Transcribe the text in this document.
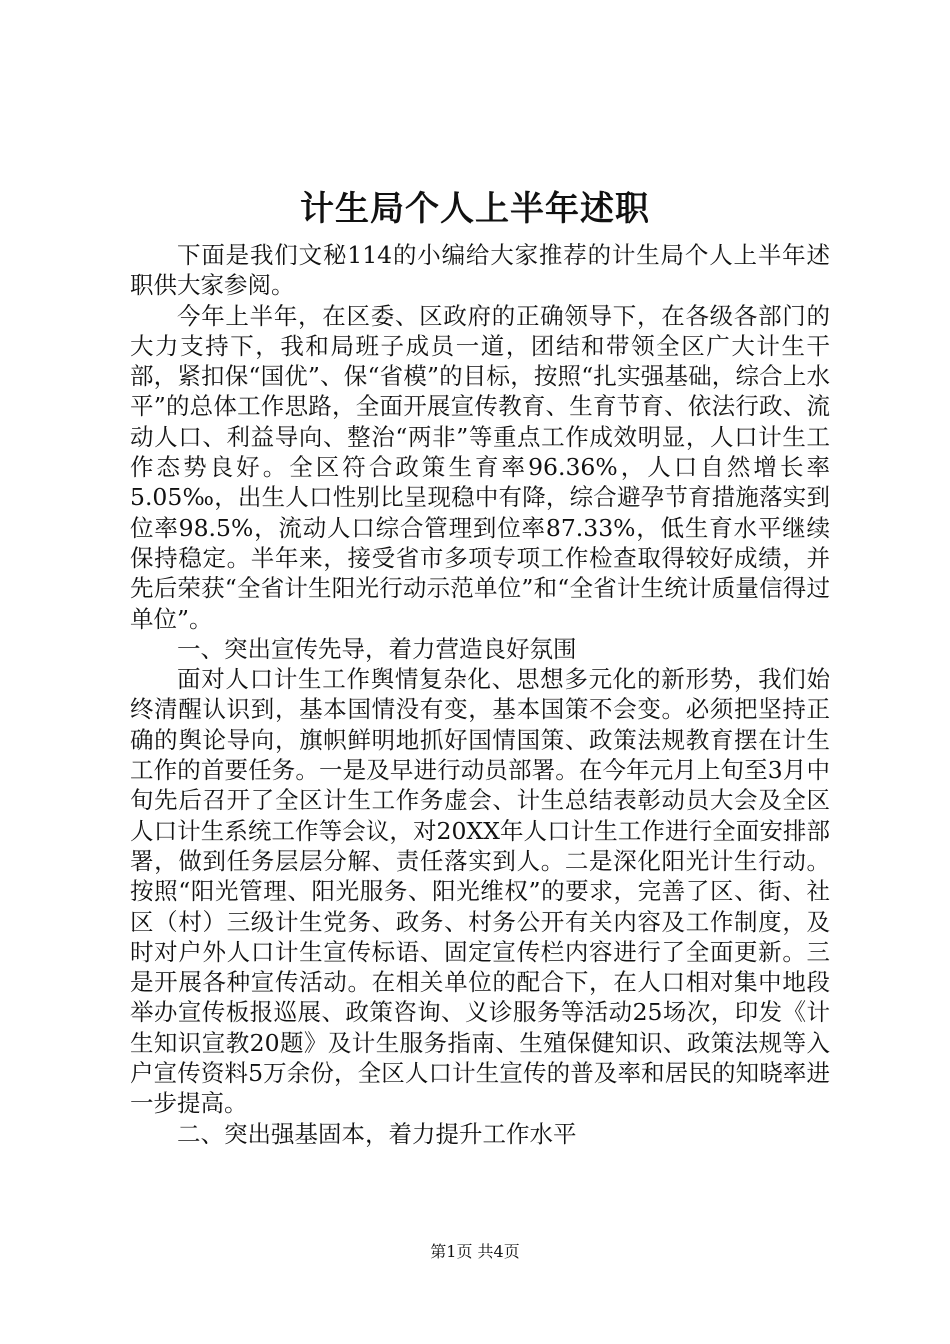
计生局个人上半年述职

下面是我们文秘114的小编给大家推荐的计生局个人上半年述职供大家参阅。

今年上半年，在区委、区政府的正确领导下，在各级各部门的大力支持下，我和局班子成员一道，团结和带领全区广大计生干部，紧扣保“国优”、保“省模”的目标，按照“扎实强基础，综合上水平”的总体工作思路，全面开展宣传教育、生育节育、依法行政、流动人口、利益导向、整治“两非”等重点工作成效明显，人口计生工作态势良好。全区符合政策生育率96.36%，人口自然增长率5.05‰，出生人口性别比呈现稳中有降，综合避孕节育措施落实到位率98.5%，流动人口综合管理到位率87.33%，低生育水平继续保持稳定。半年来，接受省市多项专项工作检查取得较好成绩，并先后荣获“全省计生阳光行动示范单位”和“全省计生统计质量信得过单位”。

一、突出宣传先导，着力营造良好氛围

面对人口计生工作舆情复杂化、思想多元化的新形势，我们始终清醒认识到，基本国情没有变，基本国策不会变。必须把坚持正确的舆论导向，旗帜鲜明地抓好国情国策、政策法规教育摆在计生工作的首要任务。一是及早进行动员部署。在今年元月上旬至3月中旬先后召开了全区计生工作务虚会、计生总结表彰动员大会及全区人口计生系统工作等会议，对20XX年人口计生工作进行全面安排部署，做到任务层层分解、责任落实到人。二是深化阳光计生行动。按照“阳光管理、阳光服务、阳光维权”的要求，完善了区、街、社区（村）三级计生党务、政务、村务公开有关内容及工作制度，及时对户外人口计生宣传标语、固定宣传栏内容进行了全面更新。三是开展各种宣传活动。在相关单位的配合下，在人口相对集中地段举办宣传板报巡展、政策咨询、义诊服务等活动25场次，印发《计生知识宣教20题》及计生服务指南、生殖保健知识、政策法规等入户宣传资料5万余份，全区人口计生宣传的普及率和居民的知晓率进一步提高。

二、突出强基固本，着力提升工作水平

第1页 共4页
